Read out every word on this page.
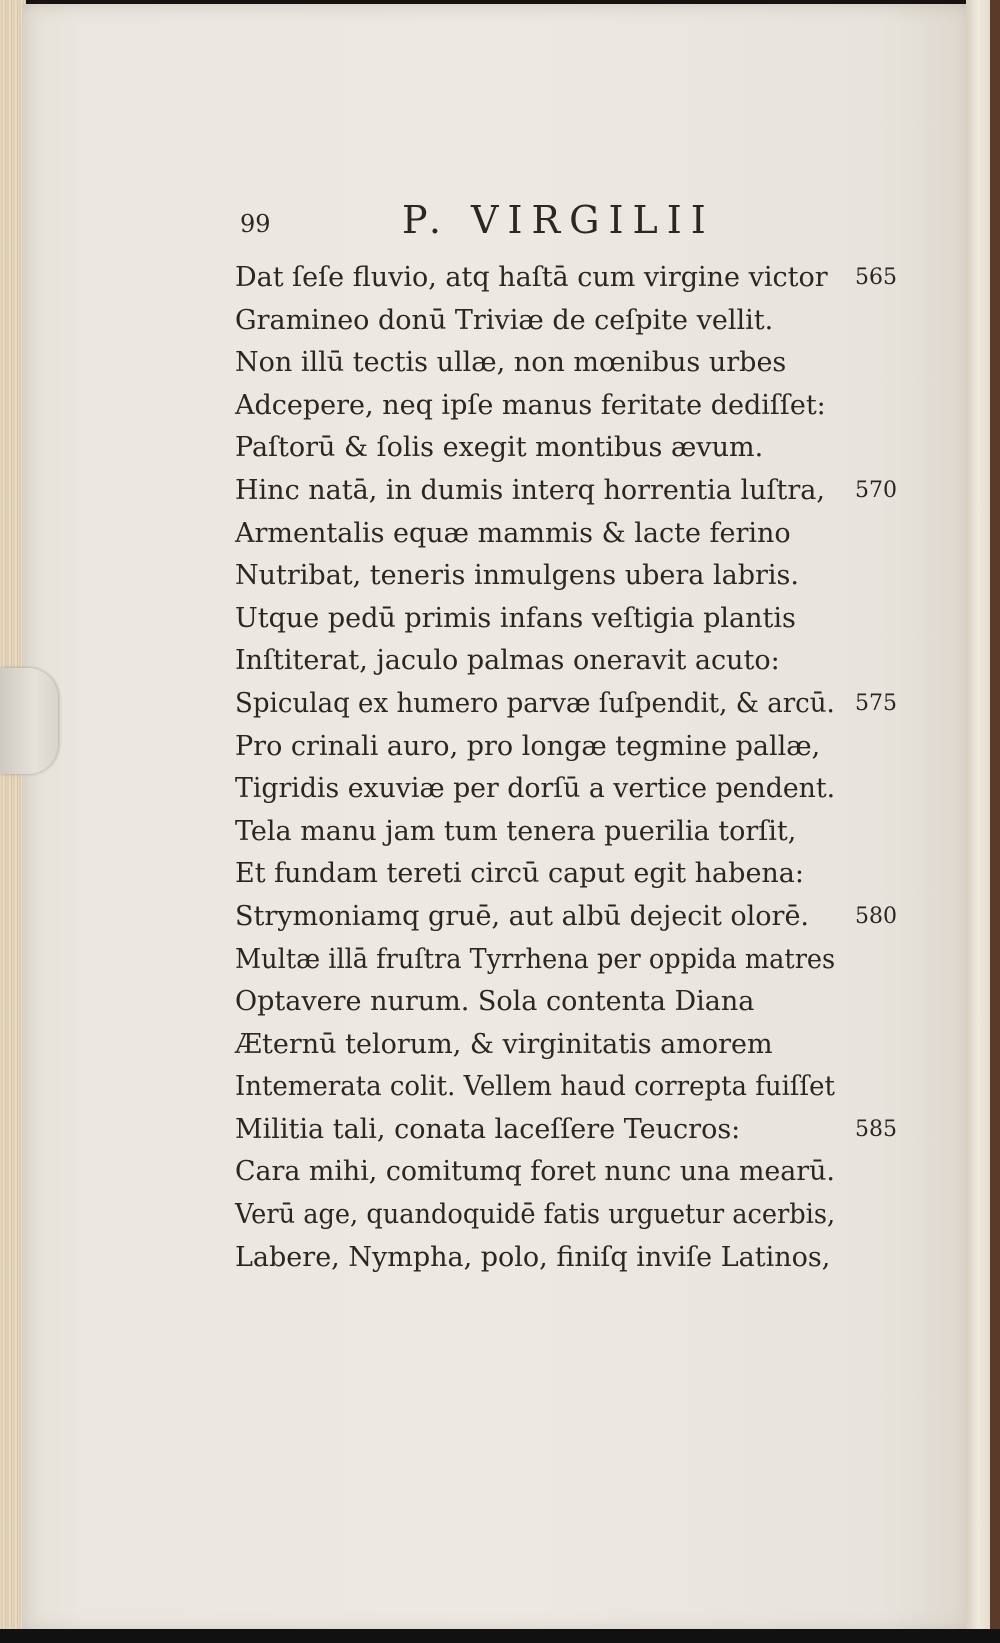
99	P. VIRGILII
Dat ſeſe fluvio, atq haſtā cum virgine victor 565
Gramineo donū Triviæ de ceſpite vellit.
Non illū tectis ullæ, non mœnibus urbes
Adcepere, neq ipſe manus feritate dediſſet:
Paſtorū & ſolis exegit montibus ævum.
Hinc natā, in dumis interq horrentia luſtra, 570
Armentalis equæ mammis & lacte ferino
Nutribat, teneris inmulgens ubera labris.
Utque pedū primis infans veſtigia plantis
Inſtiterat, jaculo palmas oneravit acuto:
Spiculaq ex humero parvæ ſuſpendit, & arcū. 575
Pro crinali auro, pro longæ tegmine pallæ,
Tigridis exuviæ per dorſū a vertice pendent.
Tela manu jam tum tenera puerilia torſit,
Et fundam tereti circū caput egit habena:
Strymoniamq gruē, aut albū dejecit olorē. 580
Multæ illā fruſtra Tyrrhena per oppida matres
Optavere nurum. Sola contenta Diana
Æternū telorum, & virginitatis amorem
Intemerata colit. Vellem haud correpta fuiſſet
Militia tali, conata laceſſere Teucros:	585
Cara mihi, comitumq foret nunc una mearū.
Verū age, quandoquidē fatis urguetur acerbis,
Labere, Nympha, polo, finiſq inviſe Latinos,
